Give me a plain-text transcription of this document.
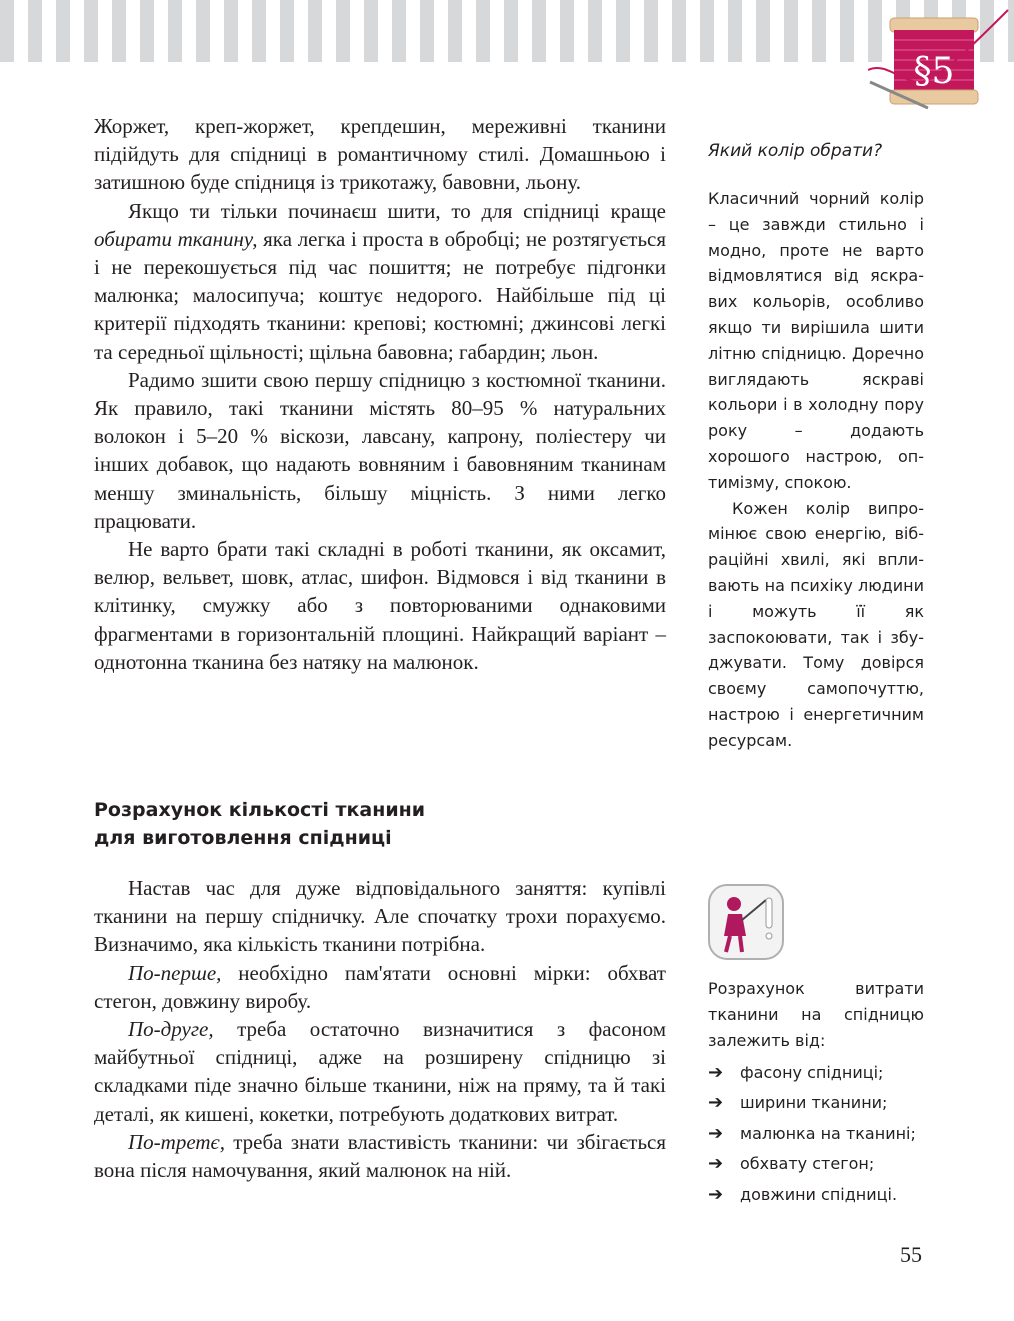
§5

Жоржет, креп-жоржет, крепдешин, мереживні тканини підійдуть для спідниці в романтичному стилі. Домашньою і затишною буде спідниця із трикотажу, бавовни, льону.

Якщо ти тільки починаєш шити, то для спідниці краще обирати тканину, яка легка і проста в обробці; не розтягується і не перекошується під час пошиття; не потребує підгонки малюнка; малосипуча; коштує недорого. Найбільше під ці критерії підходять тканини: крепові; костюмні; джинсові легкі та середньої щільності; щільна бавовна; габардин; льон.

Радимо зшити свою першу спідницю з костюмної тканини. Як правило, такі тканини містять 80–95 % натуральних волокон і 5–20 % віскози, лавсану, капрону, поліестеру чи інших добавок, що надають вовняним і бавовняним тканинам меншу зминальність, більшу міцність. З ними легко працювати.

Не варто брати такі складні в роботі тканини, як оксамит, велюр, вельвет, шовк, атлас, шифон. Відмовся і від тканини в клітинку, смужку або з повторюваними однаковими фрагментами в горизонтальній площині. Найкращий варіант – однотонна тканина без натяку на малюнок.

Розрахунок кількості тканини
для виготовлення спідниці

Настав час для дуже відповідального заняття: купівлі тканини на першу спідничку. Але спочатку трохи порахуємо. Визначимо, яка кількість тканини потрібна.

По-перше, необхідно пам'ятати основні мірки: обхват стегон, довжину виробу.

По-друге, треба остаточно визначитися з фасоном майбутньої спідниці, адже на розширену спідницю зі складками піде значно більше тканини, ніж на пряму, та й такі деталі, як кишені, кокетки, потребують додаткових витрат.

По-третє, треба знати властивість тканини: чи збігається вона після намочування, який малюнок на ній.

Який колір обрати?

Класичний чорний колір – це завжди стильно і модно, проте не варто відмовлятися від яскравих кольорів, особливо якщо ти вирішила шити літню спідницю. Доречно виглядають яскраві кольори і в холодну пору року – додають хорошого настрою, оптимізму, спокою.

Кожен колір випромінює свою енергію, вібраційні хвилі, які впливають на психіку людини і можуть її як заспокоювати, так і збуджувати. Тому довірся своєму самопочуттю, настрою і енергетичним ресурсам.

Розрахунок витрати тканини на спідницю залежить від:

➔	фасону спідниці;
➔	ширини тканини;
➔	малюнка на тканині;
➔	обхвату стегон;
➔	довжини спідниці.
55
